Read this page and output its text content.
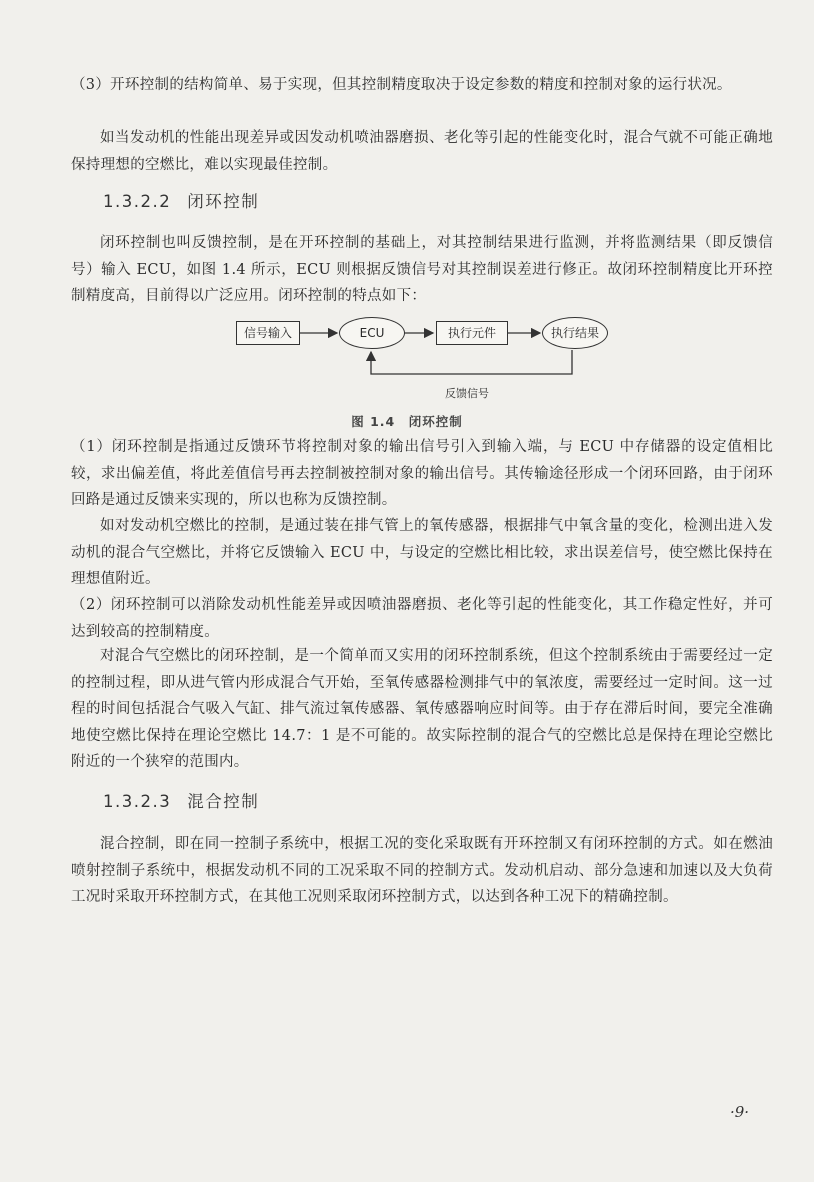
（3）开环控制的结构简单、易于实现，但其控制精度取决于设定参数的精度和控制对象的运行状况。
如当发动机的性能出现差异或因发动机喷油器磨损、老化等引起的性能变化时，混合气就不可能正确地保持理想的空燃比，难以实现最佳控制。
1.3.2.2 闭环控制
闭环控制也叫反馈控制，是在开环控制的基础上，对其控制结果进行监测，并将监测结果（即反馈信号）输入 ECU，如图 1.4 所示，ECU 则根据反馈信号对其控制误差进行修正。故闭环控制精度比开环控制精度高，目前得以广泛应用。闭环控制的特点如下：
信号输入	ECU	执行元件	执行结果
反馈信号
图 1.4　闭环控制
（1）闭环控制是指通过反馈环节将控制对象的输出信号引入到输入端，与 ECU 中存储器的设定值相比较，求出偏差值，将此差值信号再去控制被控制对象的输出信号。其传输途径形成一个闭环回路，由于闭环回路是通过反馈来实现的，所以也称为反馈控制。
如对发动机空燃比的控制，是通过装在排气管上的氧传感器，根据排气中氧含量的变化，检测出进入发动机的混合气空燃比，并将它反馈输入 ECU 中，与设定的空燃比相比较，求出误差信号，使空燃比保持在理想值附近。
（2）闭环控制可以消除发动机性能差异或因喷油器磨损、老化等引起的性能变化，其工作稳定性好，并可达到较高的控制精度。
对混合气空燃比的闭环控制，是一个简单而又实用的闭环控制系统，但这个控制系统由于需要经过一定的控制过程，即从进气管内形成混合气开始，至氧传感器检测排气中的氧浓度，需要经过一定时间。这一过程的时间包括混合气吸入气缸、排气流过氧传感器、氧传感器响应时间等。由于存在滞后时间，要完全准确地使空燃比保持在理论空燃比 14.7：1 是不可能的。故实际控制的混合气的空燃比总是保持在理论空燃比附近的一个狭窄的范围内。
1.3.2.3 混合控制
混合控制，即在同一控制子系统中，根据工况的变化采取既有开环控制又有闭环控制的方式。如在燃油喷射控制子系统中，根据发动机不同的工况采取不同的控制方式。发动机启动、部分急速和加速以及大负荷工况时采取开环控制方式，在其他工况则采取闭环控制方式，以达到各种工况下的精确控制。
·9·
